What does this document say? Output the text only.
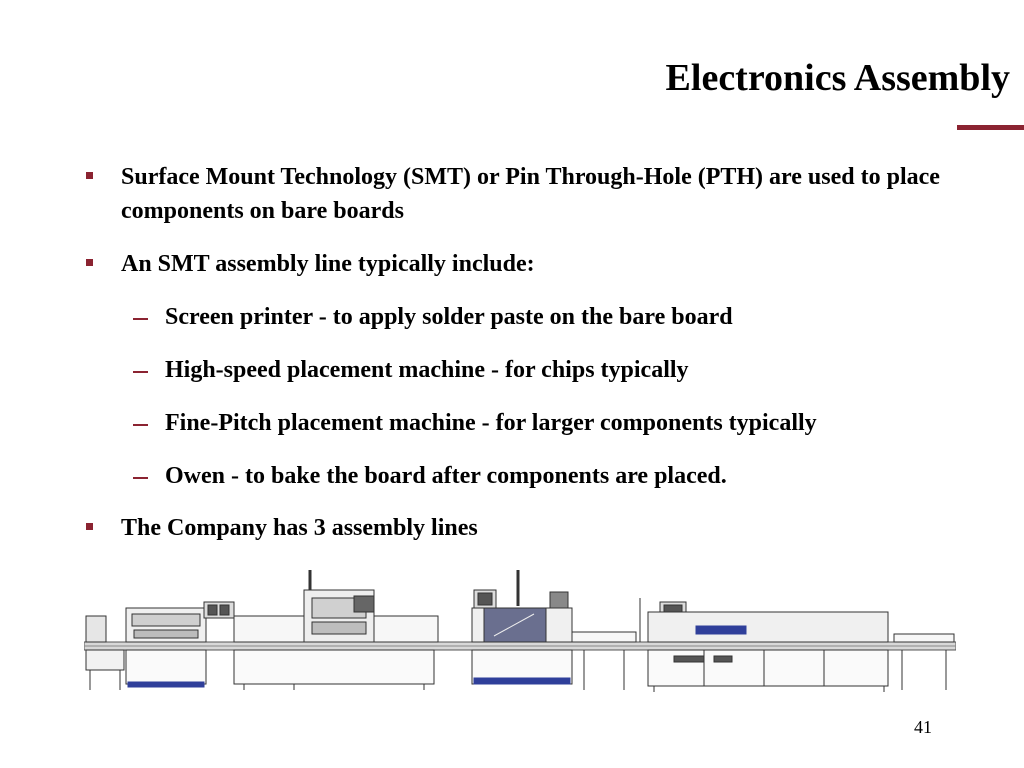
Electronics Assembly
Surface Mount Technology (SMT) or Pin Through-Hole (PTH) are used to place components on bare boards
An SMT assembly line typically include:
Screen printer - to apply solder paste on the bare board
High-speed placement machine - for chips typically
Fine-Pitch placement machine - for larger components typically
Owen - to bake the board after components are placed.
The Company has 3 assembly lines
41
